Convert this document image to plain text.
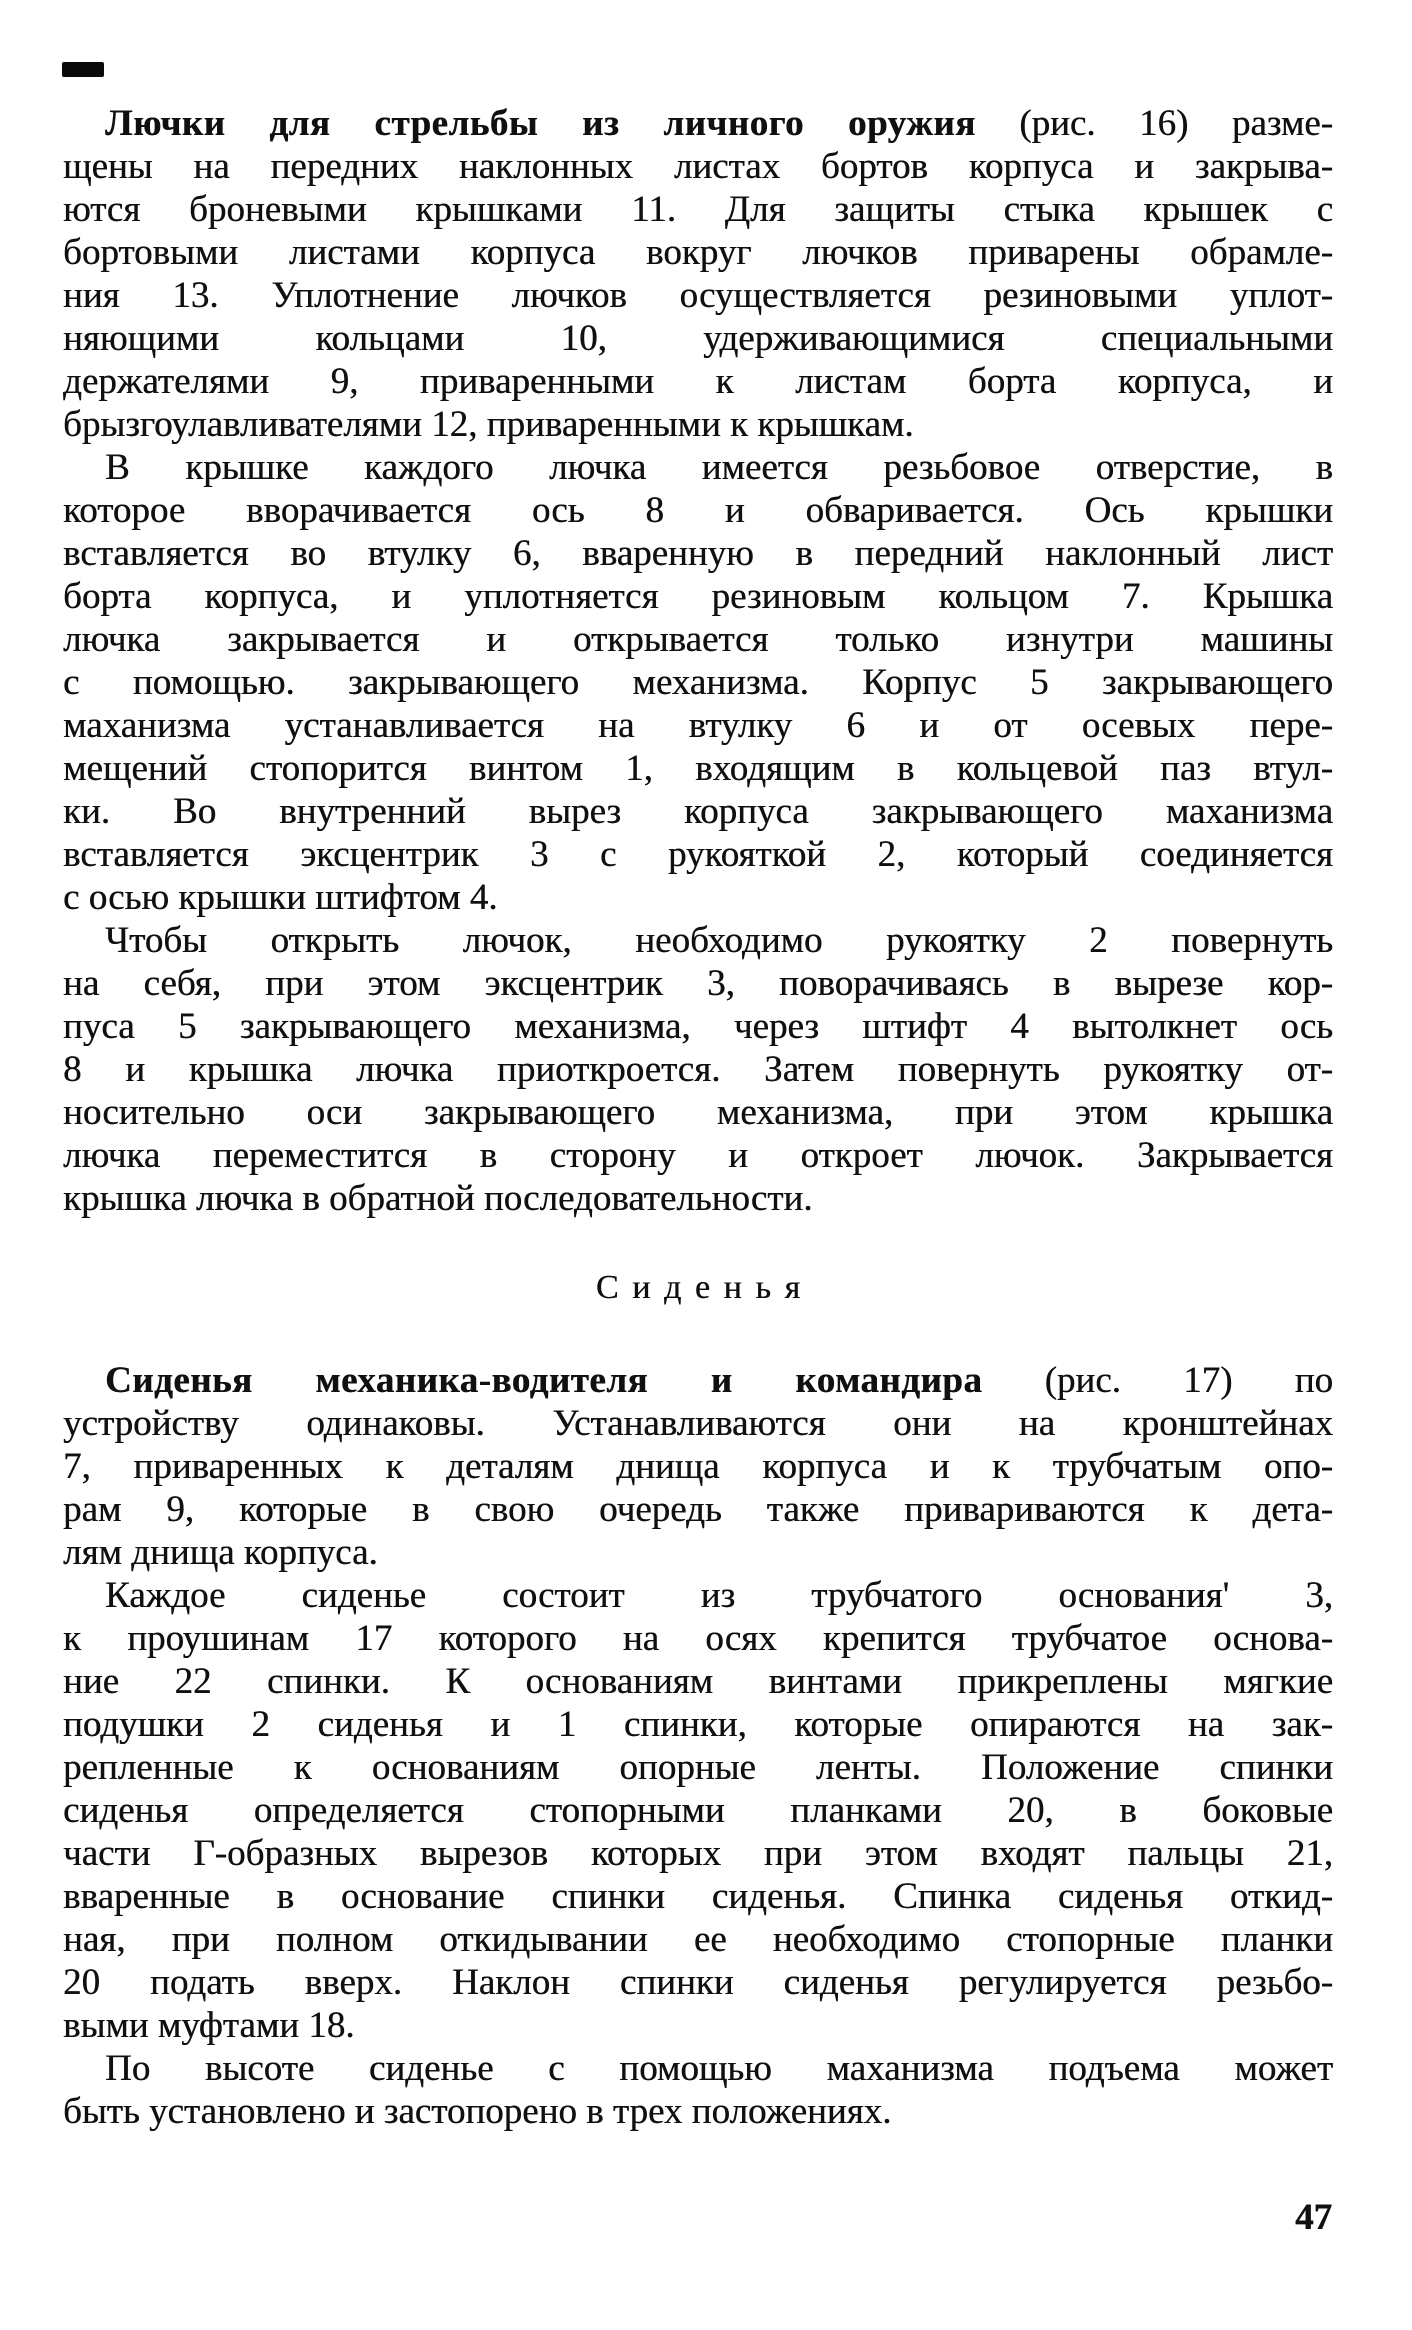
Лючки для стрельбы из личного оружия (рис. 16) разме-
щены на передних наклонных листах бортов корпуса и закрыва-
ются броневыми крышками 11. Для защиты стыка крышек с
бортовыми листами корпуса вокруг лючков приварены обрамле-
ния 13. Уплотнение лючков осуществляется резиновыми уплот-
няющими кольцами 10, удерживающимися специальными
держателями 9, приваренными к листам борта корпуса, и
брызгоулавливателями 12, приваренными к крышкам.
В крышке каждого лючка имеется резьбовое отверстие, в
которое вворачивается ось 8 и обваривается. Ось крышки
вставляется во втулку 6, вваренную в передний наклонный лист
борта корпуса, и уплотняется резиновым кольцом 7. Крышка
лючка закрывается и открывается только изнутри машины
с помощью. закрывающего механизма. Корпус 5 закрывающего
маханизма устанавливается на втулку 6 и от осевых пере-
мещений стопорится винтом 1, входящим в кольцевой паз втул-
ки. Во внутренний вырез корпуса закрывающего маханизма
вставляется эксцентрик 3 с рукояткой 2, который соединяется
с осью крышки штифтом 4.
Чтобы открыть лючок, необходимо рукоятку 2 повернуть
на себя, при этом эксцентрик 3, поворачиваясь в вырезе кор-
пуса 5 закрывающего механизма, через штифт 4 вытолкнет ось
8 и крышка лючка приоткроется. Затем повернуть рукоятку от-
носительно оси закрывающего механизма, при этом крышка
лючка переместится в сторону и откроет лючок. Закрывается
крышка лючка в обратной последовательности.
Сиденья
Сиденья механика-водителя и командира (рис. 17) по
устройству одинаковы. Устанавливаются они на кронштейнах
7, приваренных к деталям днища корпуса и к трубчатым опо-
рам 9, которые в свою очередь также привариваются к дета-
лям днища корпуса.
Каждое сиденье состоит из трубчатого основания' 3,
к проушинам 17 которого на осях крепится трубчатое основа-
ние 22 спинки. К основаниям винтами прикреплены мягкие
подушки 2 сиденья и 1 спинки, которые опираются на зак-
репленные к основаниям опорные ленты. Положение спинки
сиденья определяется стопорными планками 20, в боковые
части Г-образных вырезов которых при этом входят пальцы 21,
вваренные в основание спинки сиденья. Спинка сиденья откид-
ная, при полном откидывании ее необходимо стопорные планки
20 подать вверх. Наклон спинки сиденья регулируется резьбо-
выми муфтами 18.
По высоте сиденье с помощью маханизма подъема может
быть установлено и застопорено в трех положениях.
47
